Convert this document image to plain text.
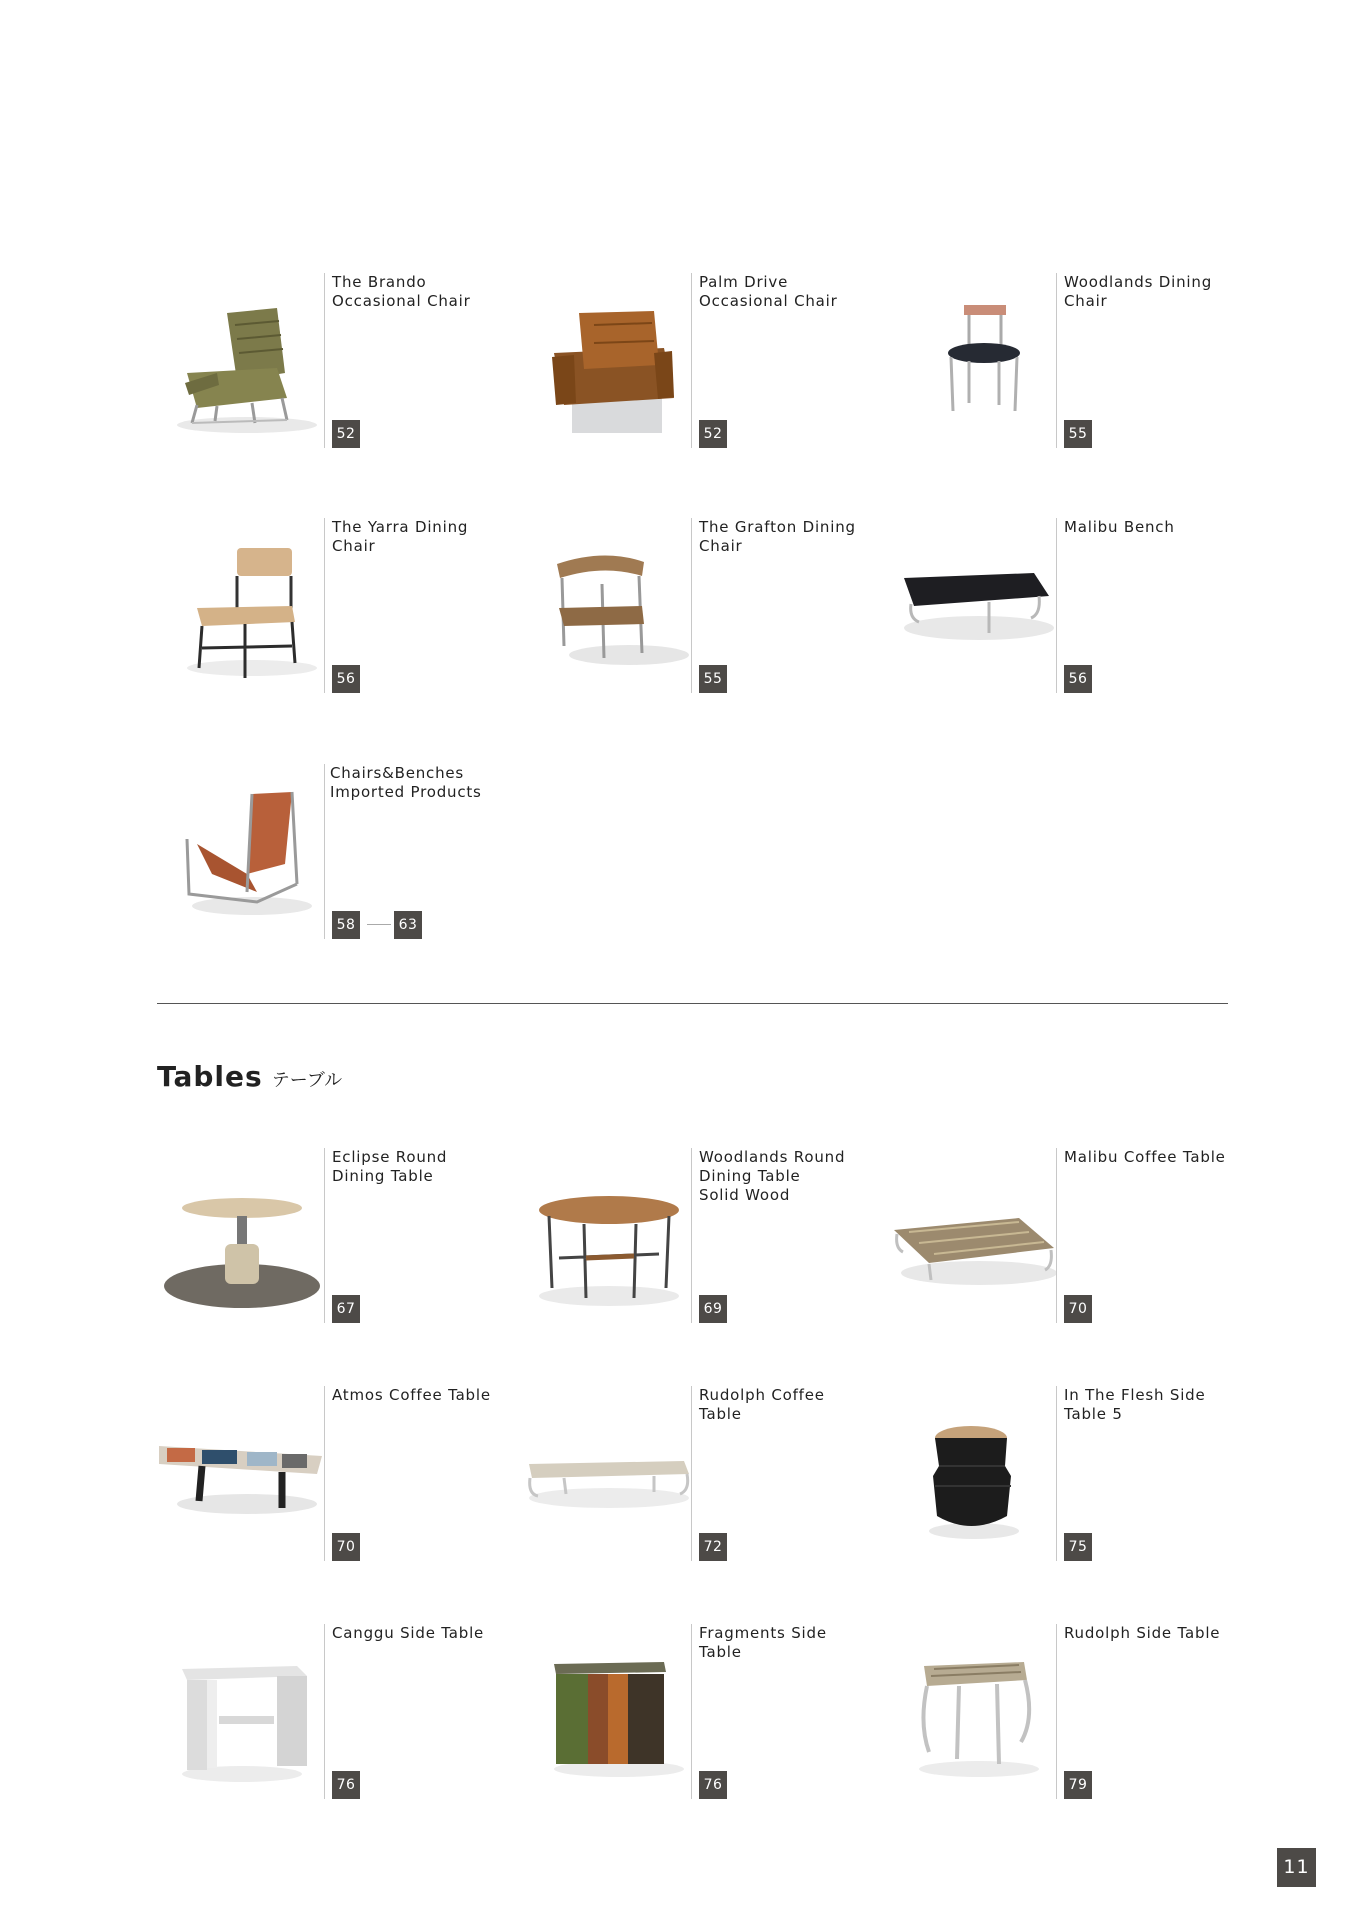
The Brando
Occasional Chair
52
Palm Drive
Occasional Chair
52
Woodlands Dining
Chair
55
The Yarra Dining
Chair
56
The Grafton Dining
Chair
55
Malibu Bench
56
Chairs&Benches
Imported Products
58	63
Tables テーブル
Eclipse Round
Dining Table
67
Woodlands Round
Dining Table
Solid Wood
69
Malibu Coffee Table
70
Atmos Coffee Table
70
Rudolph Coffee
Table
72
In The Flesh Side
Table 5
75
Canggu Side Table
76
Fragments Side
Table
76
Rudolph Side Table
79
11
